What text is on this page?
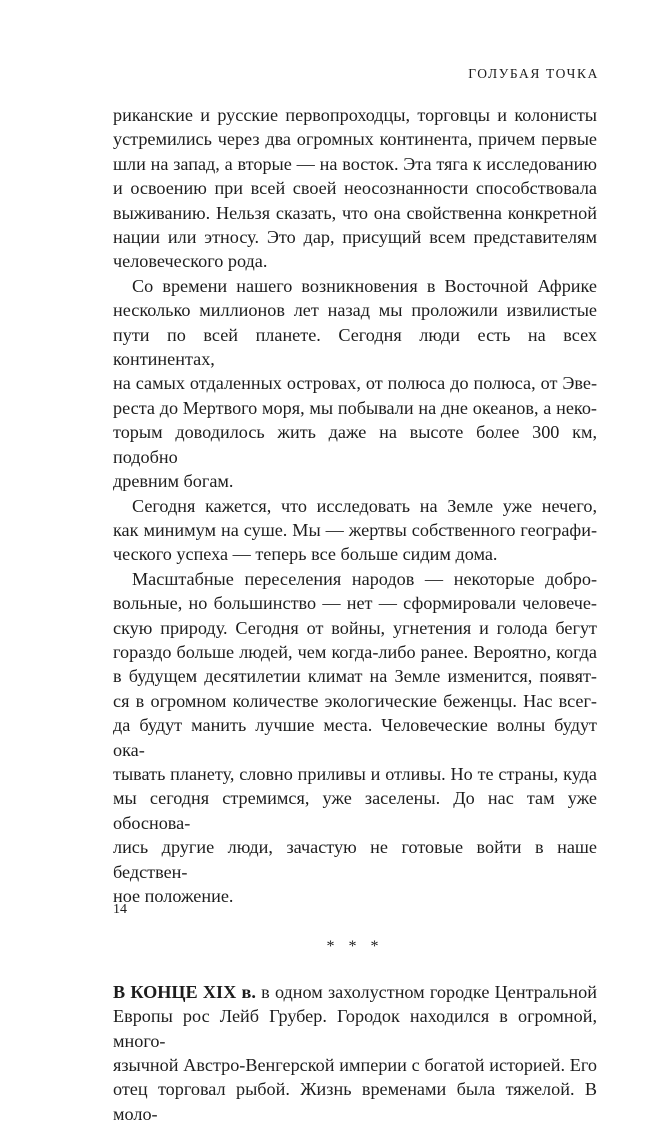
ГОЛУБАЯ ТОЧКА

риканские и русские первопроходцы, торговцы и колонисты

устремились через два огромных континента, причем первые

шли на запад, а вторые — на восток. Эта тяга к исследованию

и освоению при всей своей неосознанности способствовала

выживанию. Нельзя сказать, что она свойственна конкретной

нации или этносу. Это дар, присущий всем представителям

человеческого рода.

Со времени нашего возникновения в Восточной Африке

несколько миллионов лет назад мы проложили извилистые

пути по всей планете. Сегодня люди есть на всех континентах,

на самых отдаленных островах, от полюса до полюса, от Эве-

реста до Мертвого моря, мы побывали на дне океанов, а неко-

торым доводилось жить даже на высоте более 300 км, подобно

древним богам.

Сегодня кажется, что исследовать на Земле уже нечего,

как минимум на суше. Мы — жертвы собственного географи-

ческого успеха — теперь все больше сидим дома.

Масштабные переселения народов — некоторые добро-

вольные, но большинство — нет — сформировали человече-

скую природу. Сегодня от войны, угнетения и голода бегут

гораздо больше людей, чем когда-либо ранее. Вероятно, когда

в будущем десятилетии климат на Земле изменится, появят-

ся в огромном количестве экологические беженцы. Нас всег-

да будут манить лучшие места. Человеческие волны будут ока-

тывать планету, словно приливы и отливы. Но те страны, куда

мы сегодня стремимся, уже заселены. До нас там уже обоснова-

лись другие люди, зачастую не готовые войти в наше бедствен-

ное положение.

* * *

В КОНЦЕ XIX в. в одном захолустном городке Центральной

Европы рос Лейб Грубер. Городок находился в огромной, много-

язычной Австро-Венгерской империи с богатой историей. Его

отец торговал рыбой. Жизнь временами была тяжелой. В моло-

14
